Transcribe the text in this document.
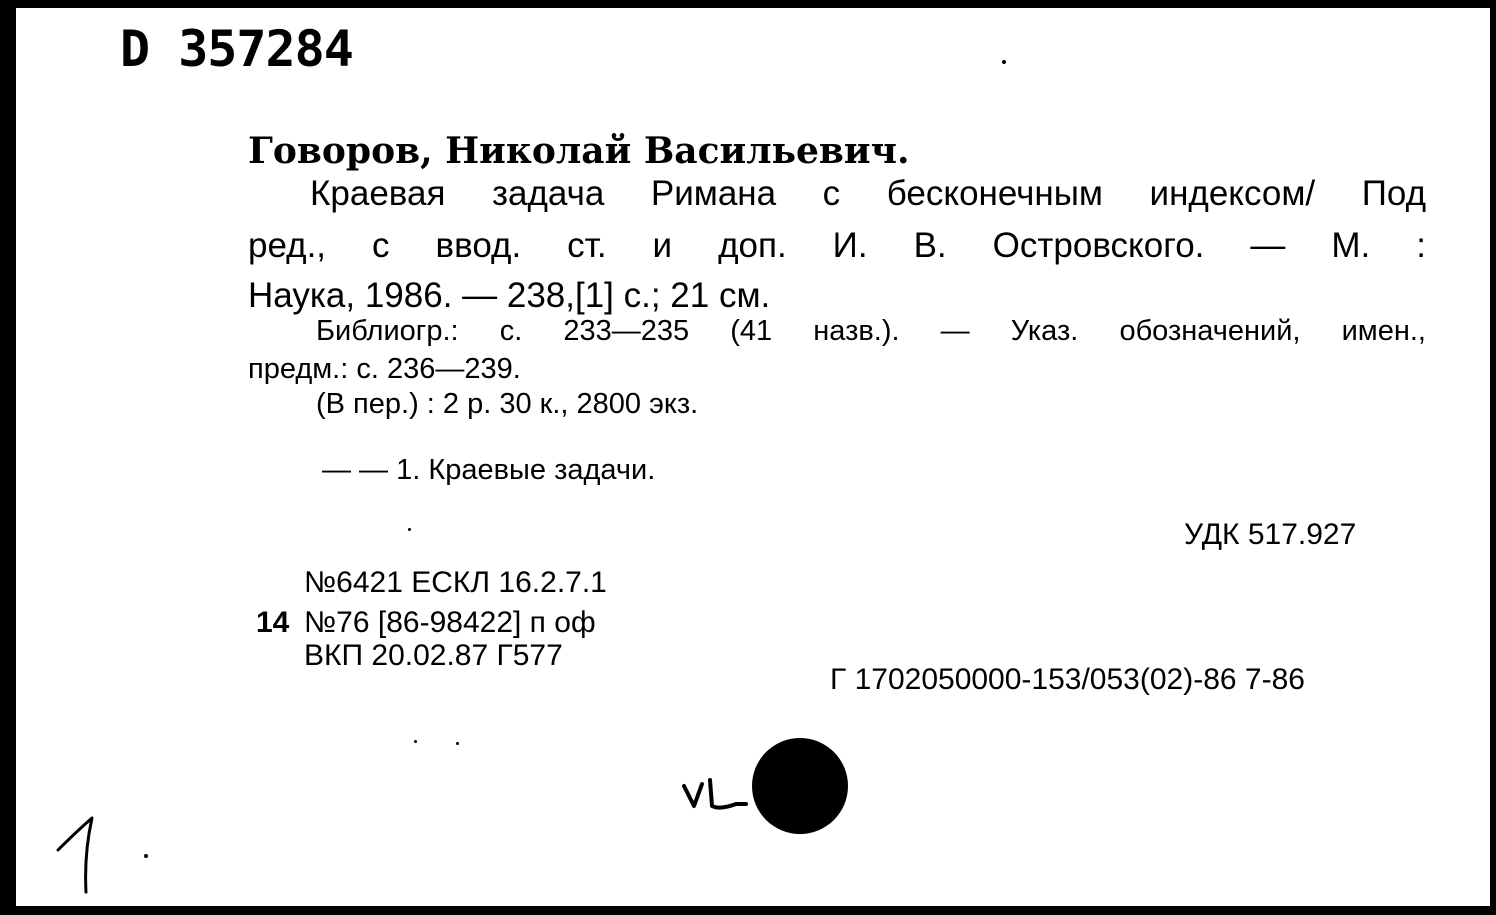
D 357284
Говоров, Николай Васильевич.
Краевая задача Римана с бесконечным индексом/ Под
ред., с ввод. ст. и доп. И. В. Островского. — М. :
Наука, 1986. — 238,[1] с.; 21 см.
Библиогр.: с. 233—235 (41 назв.). — Указ. обозначений, имен.,
предм.: с. 236—239.
(В пер.) : 2 р. 30 к., 2800 экз.
— — 1. Краевые задачи.
УДК 517.927
№6421 ЕСКЛ 16.2.7.1
14 №76 [86-98422] п оф
ВКП 20.02.87 Г577
Г 1702050000-153/053(02)-86 7-86
